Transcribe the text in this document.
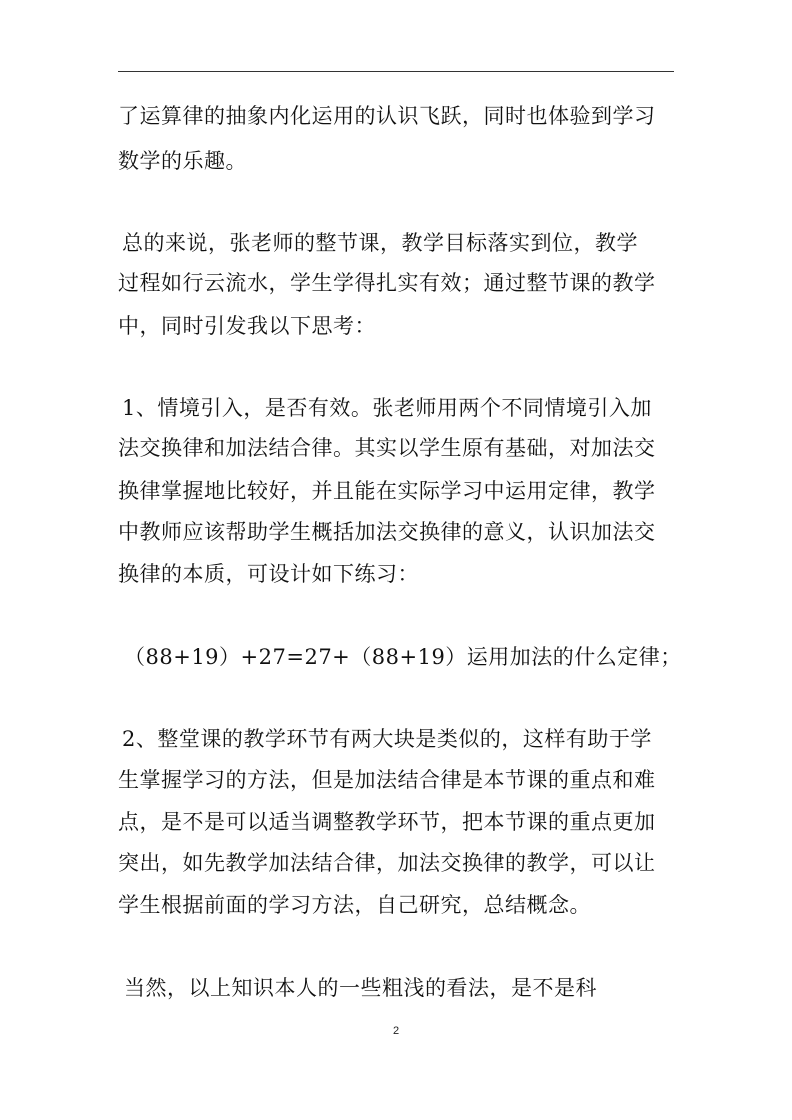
了运算律的抽象内化运用的认识飞跃，同时也体验到学习
数学的乐趣。
总的来说，张老师的整节课，教学目标落实到位，教学
过程如行云流水，学生学得扎实有效；通过整节课的教学
中，同时引发我以下思考：
1、情境引入，是否有效。张老师用两个不同情境引入加
法交换律和加法结合律。其实以学生原有基础，对加法交
换律掌握地比较好，并且能在实际学习中运用定律，教学
中教师应该帮助学生概括加法交换律的意义，认识加法交
换律的本质，可设计如下练习：
（88+19）+27=27+（88+19）运用加法的什么定律；
2、整堂课的教学环节有两大块是类似的，这样有助于学
生掌握学习的方法，但是加法结合律是本节课的重点和难
点，是不是可以适当调整教学环节，把本节课的重点更加
突出，如先教学加法结合律，加法交换律的教学，可以让
学生根据前面的学习方法，自己研究，总结概念。
当然，以上知识本人的一些粗浅的看法，是不是科
2
